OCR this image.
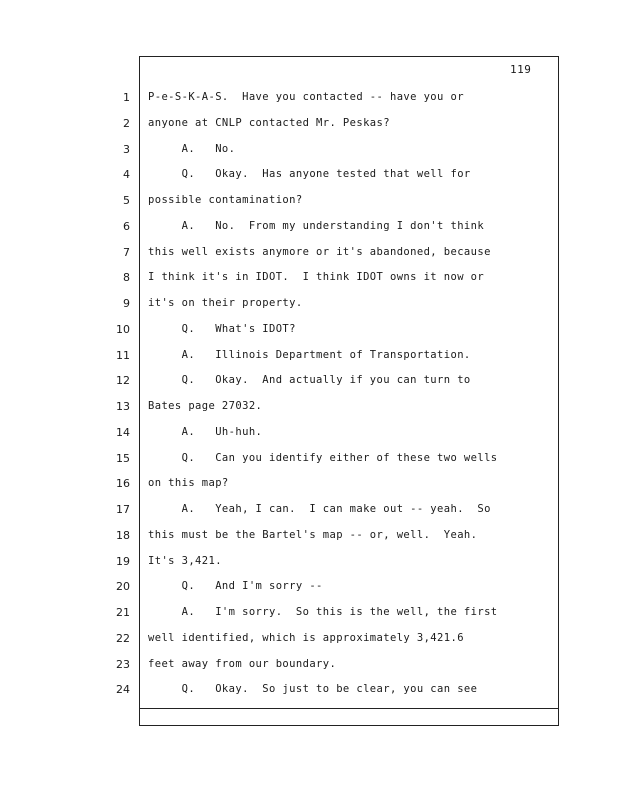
119
1 P-e-S-K-A-S.  Have you contacted -- have you or
2 anyone at CNLP contacted Mr. Peskas?
3 A.   No.
4 Q.   Okay.  Has anyone tested that well for
5 possible contamination?
6 A.   No.  From my understanding I don't think
7 this well exists anymore or it's abandoned, because
8 I think it's in IDOT.  I think IDOT owns it now or
9 it's on their property.
10 Q.   What's IDOT?
11 A.   Illinois Department of Transportation.
12 Q.   Okay.  And actually if you can turn to
13 Bates page 27032.
14 A.   Uh-huh.
15 Q.   Can you identify either of these two wells
16 on this map?
17 A.   Yeah, I can.  I can make out -- yeah.  So
18 this must be the Bartel's map -- or, well.  Yeah.
19 It's 3,421.
20 Q.   And I'm sorry --
21 A.   I'm sorry.  So this is the well, the first
22 well identified, which is approximately 3,421.6
23 feet away from our boundary.
24 Q.   Okay.  So just to be clear, you can see
